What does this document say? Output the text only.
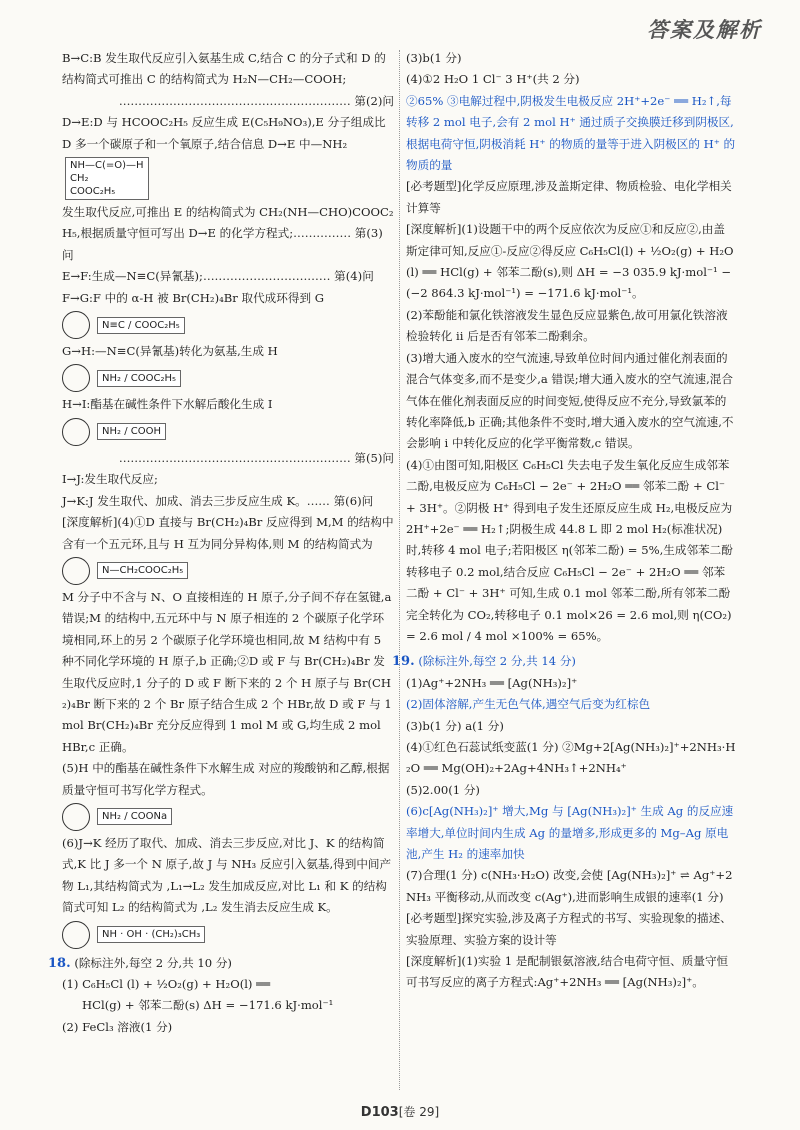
答案及解析

B→C:B 发生取代反应引入氨基生成 C,结合 C 的分子式和 D 的结构简式可推出 C 的结构简式为 H₂N—CH₂—COOH;

…………………………………………………… 第(2)问

D→E:D 与 HCOOC₂H₅ 反应生成 E(C₅H₉NO₃),E 分子组成比 D 多一个碳原子和一个氧原子,结合信息 D→E 中—NH₂

NH—C(=O)—H
CH₂
COOC₂H₅

发生取代反应,可推出 E 的结构简式为 CH₂(NH—CHO)COOC₂H₅,根据质量守恒可写出 D→E 的化学方程式;…………… 第(3)问

E→F:生成—N≡C(异氰基);…………………………… 第(4)问

F→G:F 中的 α-H 被 Br(CH₂)₄Br 取代成环得到 G

N≡C / COOC₂H₅

G→H:—N≡C(异氰基)转化为氨基,生成 H

NH₂ / COOC₂H₅

H→I:酯基在碱性条件下水解后酸化生成 I

NH₂ / COOH

…………………………………………………… 第(5)问

I→J:发生取代反应;

J→K:J 发生取代、加成、消去三步反应生成 K。…… 第(6)问

[深度解析](4)①D 直接与 Br(CH₂)₄Br 反应得到 M,M 的结构中含有一个五元环,且与 H 互为同分异构体,则 M 的结构简式为

N—CH₂COOC₂H₅

M 分子中不含与 N、O 直接相连的 H 原子,分子间不存在氢键,a 错误;M 的结构中,五元环中与 N 原子相连的 2 个碳原子化学环境相同,环上的另 2 个碳原子化学环境也相同,故 M 结构中有 5 种不同化学环境的 H 原子,b 正确;②D 或 F 与 Br(CH₂)₄Br 发生取代反应时,1 分子的 D 或 F 断下来的 2 个 H 原子与 Br(CH₂)₄Br 断下来的 2 个 Br 原子结合生成 2 个 HBr,故 D 或 F 与 1 mol Br(CH₂)₄Br 充分反应得到 1 mol M 或 G,均生成 2 mol HBr,c 正确。

(5)H 中的酯基在碱性条件下水解生成 对应的羧酸钠和乙醇,根据质量守恒可书写化学方程式。

NH₂ / COONa

(6)J→K 经历了取代、加成、消去三步反应,对比 J、K 的结构简式,K 比 J 多一个 N 原子,故 J 与 NH₃ 反应引入氨基,得到中间产物 L₁,其结构简式为 ,L₁→L₂ 发生加成反应,对比 L₁ 和 K 的结构简式可知 L₂ 的结构简式为 ,L₂ 发生消去反应生成 K。

NH · OH · (CH₂)₃CH₃

18. (除标注外,每空 2 分,共 10 分)

(1) C₆H₅Cl (l) + ½O₂(g) + H₂O(l) ══

HCl(g) + 邻苯二酚(s) ΔH = −171.6 kJ·mol⁻¹

(2) FeCl₃ 溶液(1 分)

(3)b(1 分)

(4)①2 H₂O 1 Cl⁻ 3 H⁺(共 2 分)

②65% ③电解过程中,阴极发生电极反应 2H⁺+2e⁻ ══ H₂↑,每转移 2 mol 电子,会有 2 mol H⁺ 通过质子交换膜迁移到阴极区,根据电荷守恒,阴极消耗 H⁺ 的物质的量等于进入阴极区的 H⁺ 的物质的量

[必考题型]化学反应原理,涉及盖斯定律、物质检验、电化学相关计算等

[深度解析](1)设题干中的两个反应依次为反应①和反应②,由盖斯定律可知,反应①-反应②得反应 C₆H₅Cl(l) + ½O₂(g) + H₂O(l) ══ HCl(g) + 邻苯二酚(s),则 ΔH = −3 035.9 kJ·mol⁻¹ − (−2 864.3 kJ·mol⁻¹) = −171.6 kJ·mol⁻¹。

(2)苯酚能和氯化铁溶液发生显色反应显紫色,故可用氯化铁溶液检验转化 ii 后是否有邻苯二酚剩余。

(3)增大通入废水的空气流速,导致单位时间内通过催化剂表面的混合气体变多,而不是变少,a 错误;增大通入废水的空气流速,混合气体在催化剂表面反应的时间变短,使得反应不充分,导致氯苯的转化率降低,b 正确;其他条件不变时,增大通入废水的空气流速,不会影响 i 中转化反应的化学平衡常数,c 错误。

(4)①由图可知,阳极区 C₆H₅Cl 失去电子发生氧化反应生成邻苯二酚,电极反应为 C₆H₅Cl − 2e⁻ + 2H₂O ══ 邻苯二酚 + Cl⁻ + 3H⁺。②阴极 H⁺ 得到电子发生还原反应生成 H₂,电极反应为 2H⁺+2e⁻ ══ H₂↑;阴极生成 44.8 L 即 2 mol H₂(标准状况)时,转移 4 mol 电子;若阳极区 η(邻苯二酚) = 5%,生成邻苯二酚转移电子 0.2 mol,结合反应 C₆H₅Cl − 2e⁻ + 2H₂O ══ 邻苯二酚 + Cl⁻ + 3H⁺ 可知,生成 0.1 mol 邻苯二酚,所有邻苯二酚完全转化为 CO₂,转移电子 0.1 mol×26 = 2.6 mol,则 η(CO₂) = 2.6 mol / 4 mol ×100% = 65%。

19. (除标注外,每空 2 分,共 14 分)

(1)Ag⁺+2NH₃ ══ [Ag(NH₃)₂]⁺

(2)固体溶解,产生无色气体,遇空气后变为红棕色

(3)b(1 分) a(1 分)

(4)①红色石蕊试纸变蓝(1 分) ②Mg+2[Ag(NH₃)₂]⁺+2NH₃·H₂O ══ Mg(OH)₂+2Ag+4NH₃↑+2NH₄⁺

(5)2.00(1 分)

(6)c[Ag(NH₃)₂]⁺ 增大,Mg 与 [Ag(NH₃)₂]⁺ 生成 Ag 的反应速率增大,单位时间内生成 Ag 的量增多,形成更多的 Mg–Ag 原电池,产生 H₂ 的速率加快

(7)合理(1 分) c(NH₃·H₂O) 改变,会使 [Ag(NH₃)₂]⁺ ⇌ Ag⁺+2NH₃ 平衡移动,从而改变 c(Ag⁺),进而影响生成银的速率(1 分)

[必考题型]探究实验,涉及离子方程式的书写、实验现象的描述、实验原理、实验方案的设计等

[深度解析](1)实验 1 是配制银氨溶液,结合电荷守恒、质量守恒可书写反应的离子方程式:Ag⁺+2NH₃ ══ [Ag(NH₃)₂]⁺。

D103[卷 29]
